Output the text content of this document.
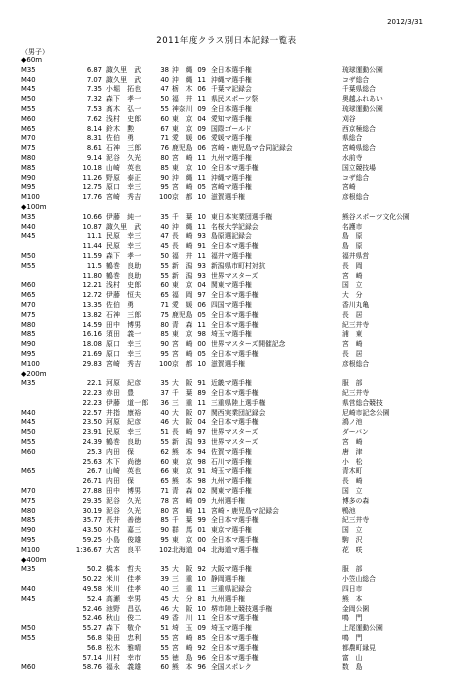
2012/3/31
2011年度クラス別日本記録一覧表
（男子）
◆60m
M35	6.87 諏久里　武	38 沖　縄 09 全日本選手権	琉球運動公園
M40	7.07 諏久里　武	40 沖　縄 11 沖縄マ選手権	コザ総合
M45	7.35 小堀　拓也	47 栃　木 06 千葉マ記録会	千葉県総合
M50	7.32 森下　孝一	50 福　井 11 県民スポーツ祭	奥越ふれあい
M55	7.53 髙木　弘一	55 神奈川 09 全日本選手権	琉球運動公園
M60	7.62 浅村　史郎	60 東　京 04 愛知マ選手権	刈谷
M65	8.14 鈴木　勲	67 東　京 09 国際ゴールド	西京極総合
M70	8.31 佐伯　勇	71 愛　媛 06 愛媛マ選手権	県総合
M75	8.61 石神　三郎	76 鹿児島 06 宮崎・鹿児島マ合同記録会	宮崎県総合
M80	9.14 泥谷　久光	80 宮　崎 11 九州マ選手権	水前寺
M85	10.18 山崎　英也	85 東　京 10 全日本マ選手権	国立競技場
M90	11.26 野原　泰正	90 沖　縄 11 沖縄マ選手権	コザ総合
M95	12.75 原口　幸三	95 宮　崎 05 宮崎マ選手権	宮崎
M100	17.76 宮崎　秀吉	100 京　都 10 滋賀選手権	彦根総合
◆100m
M35	10.66 伊藤　純一	35 千　葉 10 東日本実業団選手権	熊谷スポーツ文化公園
M40	10.87 諏久里　武	40 沖　縄 11 名桜大学記録会	名護市
M45	11.1 民原　幸三	47 長　崎 93 島原選記録会	島　原
11.44 民原　幸三	45 長　崎 91 全日本マ選手権	島　原
M50	11.59 森下　孝一	50 福　井 11 福井マ選手権	福井県営
M55	11.5 鶴巻　良助	55 新　潟 93 新潟県市町村対抗	長　岡
11.80 鶴巻　良助	55 新　潟 93 世界マスターズ	宮　崎
M60	12.21 浅村　史郎	60 東　京 04 関東マ選手権	国　立
M65	12.72 伊藤　恒夫	65 福　岡 97 全日本マ選手権	大　分
M70	13.35 佐伯　勇	71 愛　媛 06 四国マ選手権	香川丸亀
M75	13.82 石神　三郎	75 鹿児島 05 全日本マ選手権	長　居
M80	14.59 田中　博男	80 青　森 11 全日本マ選手権	紀三井寺
M85	16.16 須田　義一	85 東　京 98 埼玉マ選手権	浦　東
M90	18.08 原口　幸三	90 宮　崎 00 世界マスターズ開催記念	宮　崎
M95	21.69 原口　幸三	95 宮　崎 05 全日本マ選手権	長　居
M100	29.83 宮崎　秀吉	100 京　都 10 滋賀選手権	彦根総合
◆200m
M35	22.1 河原　紀彦	35 大　阪 91 近畿マ選手権	服　部
22.23 赤田　豊	37 千　葉 89 全日本マ選手権	紀三井寺
22.23 伊藤　道一郎	36 三　重 11 三重県陸上選手権	県営総合競技
M40	22.57 井指　康裕	40 大　阪 07 関西実業団記録会	尼崎市記念公園
M45	23.50 河原　紀彦	46 大　阪 04 全日本マ選手権	鴻ノ池
M50	23.91 民原　幸三	51 長　崎 97 世界マスターズ	ダーバン
M55	24.39 鶴巻　良助	55 新　潟 93 世界マスターズ	宮　崎
M60	25.3 内田　保	62 熊　本 94 佐賀マ選手権	唐　津
25.63 木下　尚徳	60 東　京 98 石川マ選手権	小　松
M65	26.7 山崎　英也	66 東　京 91 埼玉マ選手権	青木町
26.71 内田　保	65 熊　本 98 九州マ選手権	長　崎
M70	27.88 田中　博男	71 青　森 02 関東マ選手権	国　立
M75	29.35 泥谷　久光	78 宮　崎 09 九州選手権	博多の森
M80	30.19 泥谷　久光	80 宮　崎 11 宮崎・鹿児島マ記録会	鴨池
M85	35.77 長井　善徳	85 千　葉 99 全日本マ選手権	紀三井寺
M90	43.50 木村　嘉三	90 群　馬 01 東京マ選手権	国　立
M95	59.25 小島　俊雄	95 東　京 00 全日本マ選手権	駒　沢
M100	1:36.67 大宮　良平	102 北海道 04 北海道マ選手権	花　咲
◆400m
M35	50.2 橋本　哲夫	35 大　阪 92 大阪マ選手権	服　部
50.22 米川　佳孝	39 三　重 10 静岡選手権	小笠山総合
M40	49.58 米川　佳孝	40 三　重 11 三重県記録会	四日市
M45	52.4 高瀬　幸男	45 大　分 81 九州選手権	熊　本
52.46 池野　昌弘	46 大　阪 10 堺市陸上競技選手権	金岡公園
52.46 秋山　俊二	49 香　川 11 全日本マ選手権	鳴　門
M50	55.27 森下　敬介	51 埼　玉 09 埼玉マ選手権	上尾運動公園
M55	56.8 染田　忠利	55 宮　崎 85 全日本マ選手権	鳴　門
56.8 松木　雅晴	55 宮　崎 92 全日本マ選手権	都農町縁見
57.14 川村　幸市	55 徳　島 96 全日本マ選手権	富　山
M60	58.76 福永　義雄	60 熊　本 96 全国スポレク	数　島
